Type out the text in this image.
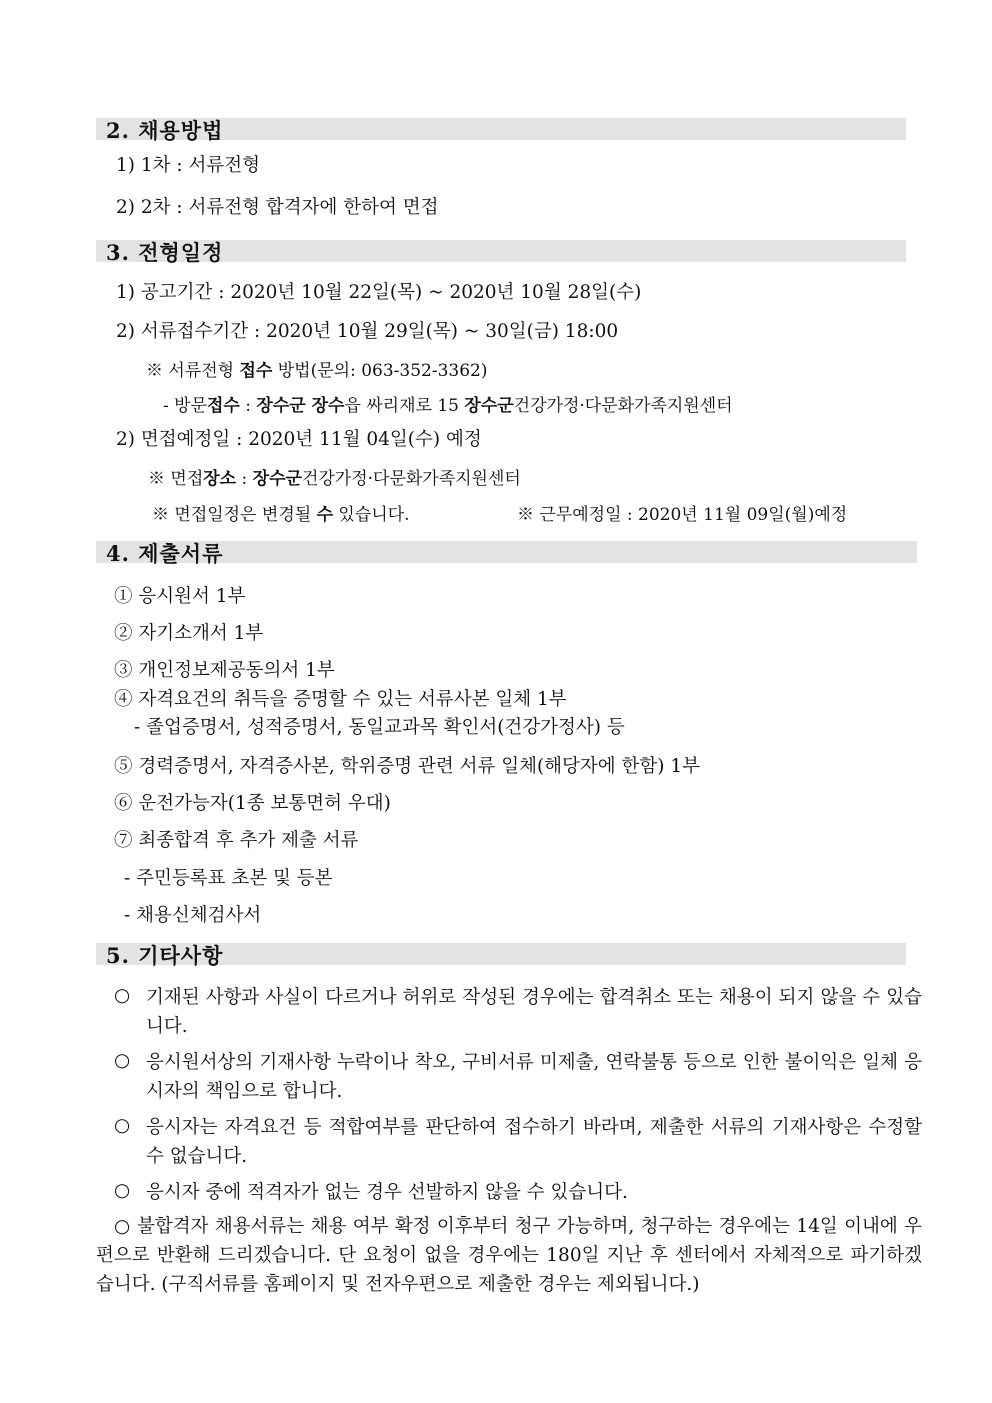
2. 채용방법
1) 1차 : 서류전형
2) 2차 : 서류전형 합격자에 한하여 면접
3. 전형일정
1) 공고기간 : 2020년 10월 22일(목) ~ 2020년 10월 28일(수)
2) 서류접수기간 : 2020년 10월 29일(목) ~ 30일(금) 18:00
※ 서류전형 접수 방법(문의: 063-352-3362)
- 방문접수 : 장수군 장수읍 싸리재로 15 장수군건강가정·다문화가족지원센터
2) 면접예정일 : 2020년 11월 04일(수) 예정
※ 면접장소 : 장수군건강가정·다문화가족지원센터
※ 면접일정은 변경될 수 있습니다.	※ 근무예정일 : 2020년 11월 09일(월)예정
4. 제출서류
① 응시원서 1부
② 자기소개서 1부
③ 개인정보제공동의서 1부
④ 자격요건의 취득을 증명할 수 있는 서류사본 일체 1부
- 졸업증명서, 성적증명서, 동일교과목 확인서(건강가정사) 등
⑤ 경력증명서, 자격증사본, 학위증명 관련 서류 일체(해당자에 한함) 1부
⑥ 운전가능자(1종 보통면허 우대)
⑦ 최종합격 후 추가 제출 서류
- 주민등록표 초본 및 등본
- 채용신체검사서
5. 기타사항
○ 기재된 사항과 사실이 다르거나 허위로 작성된 경우에는 합격취소 또는 채용이 되지 않을 수 있습니다.
○ 응시원서상의 기재사항 누락이나 착오, 구비서류 미제출, 연락불통 등으로 인한 불이익은 일체 응시자의 책임으로 합니다.
○ 응시자는 자격요건 등 적합여부를 판단하여 접수하기 바라며, 제출한 서류의 기재사항은 수정할 수 없습니다.
○ 응시자 중에 적격자가 없는 경우 선발하지 않을 수 있습니다.
○ 불합격자 채용서류는 채용 여부 확정 이후부터 청구 가능하며, 청구하는 경우에는 14일 이내에 우편으로 반환해 드리겠습니다. 단 요청이 없을 경우에는 180일 지난 후 센터에서 자체적으로 파기하겠습니다. (구직서류를 홈페이지 및 전자우편으로 제출한 경우는 제외됩니다.)
